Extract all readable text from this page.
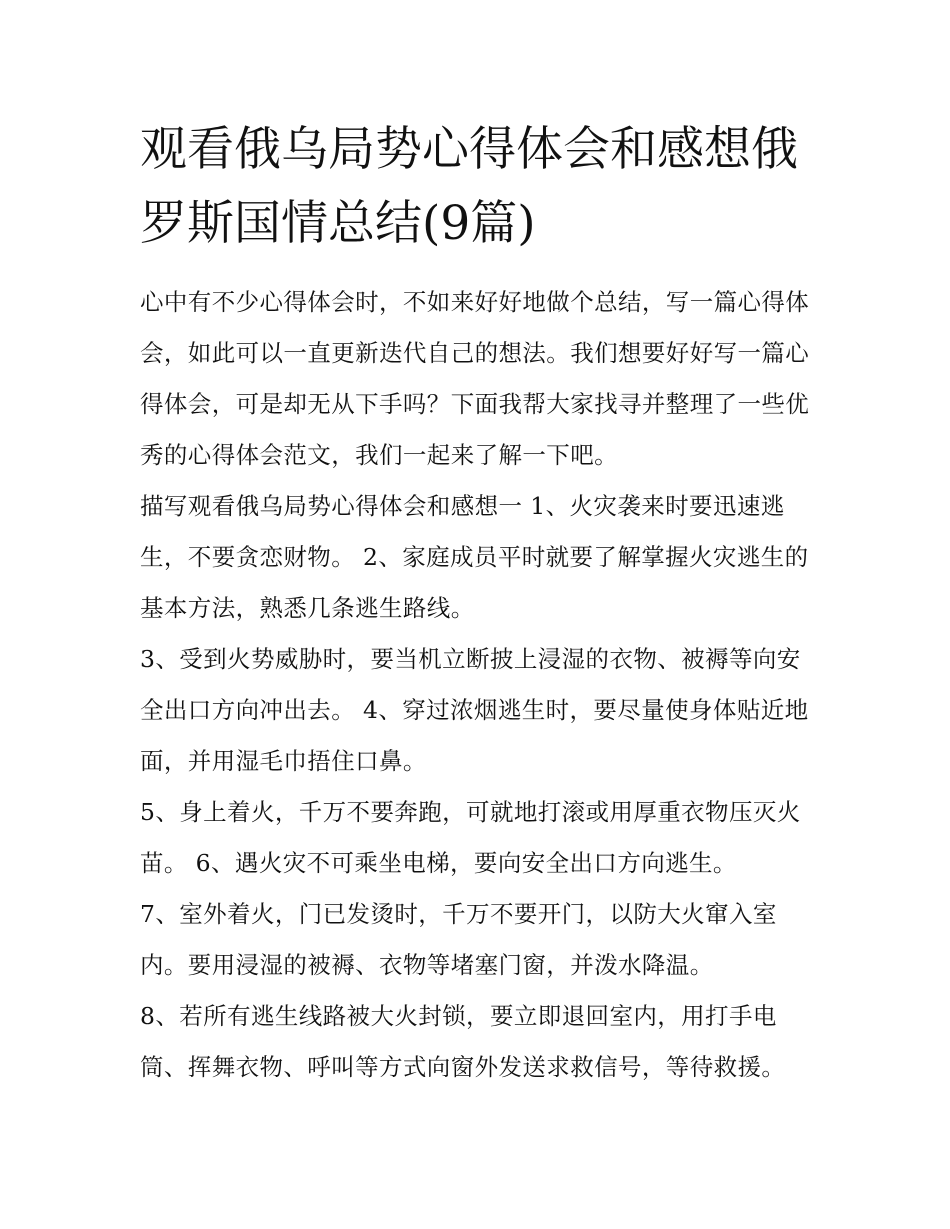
观看俄乌局势心得体会和感想俄罗斯国情总结(9篇)

心中有不少心得体会时，不如来好好地做个总结，写一篇心得体会，如此可以一直更新迭代自己的想法。我们想要好好写一篇心得体会，可是却无从下手吗？下面我帮大家找寻并整理了一些优秀的心得体会范文，我们一起来了解一下吧。

描写观看俄乌局势心得体会和感想一 1、火灾袭来时要迅速逃生，不要贪恋财物。 2、家庭成员平时就要了解掌握火灾逃生的基本方法，熟悉几条逃生路线。

3、受到火势威胁时，要当机立断披上浸湿的衣物、被褥等向安全出口方向冲出去。 4、穿过浓烟逃生时，要尽量使身体贴近地面，并用湿毛巾捂住口鼻。

5、身上着火，千万不要奔跑，可就地打滚或用厚重衣物压灭火苗。 6、遇火灾不可乘坐电梯，要向安全出口方向逃生。

7、室外着火，门已发烫时，千万不要开门，以防大火窜入室内。要用浸湿的被褥、衣物等堵塞门窗，并泼水降温。

8、若所有逃生线路被大火封锁，要立即退回室内，用打手电筒、挥舞衣物、呼叫等方式向窗外发送求救信号，等待救援。
